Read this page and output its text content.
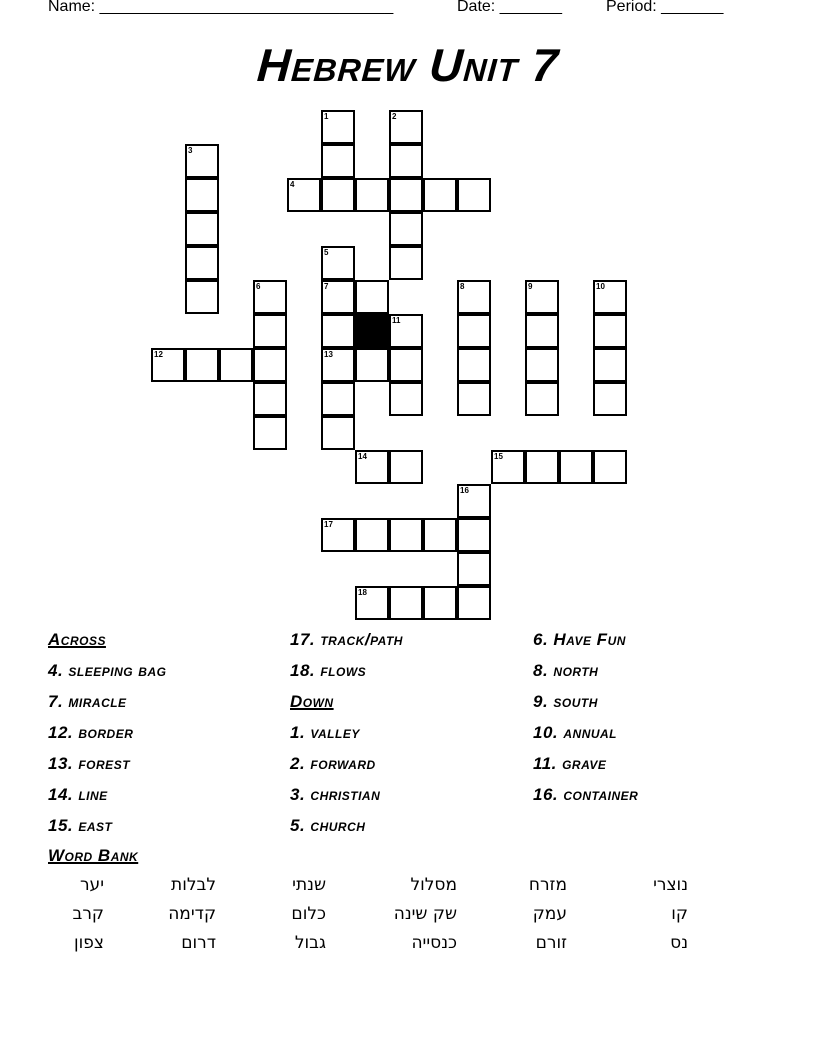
Name: _________________________________	Date: _______	Period: _______
Hebrew Unit 7
1	2
3
4
5
7
13
6	8	9	10
11
12
14	15
16
17
18
Across
Down
4. sleeping bag
7. miracle
12. border
13. forest
14. line
15. east
17. track/path
18. flows
1. valley
2. forward
3. christian
5. church
6. Have Fun
8. north
9. south
10. annual
11. grave
16. container
Word Bank
יער	לבלות	שנתי	מסלול	מזרח	נוצרי
קרב	קדימה	כלום	שק שינה	עמק	קו
צפון	דרום	גבול	כנסייה	זורם	נס
